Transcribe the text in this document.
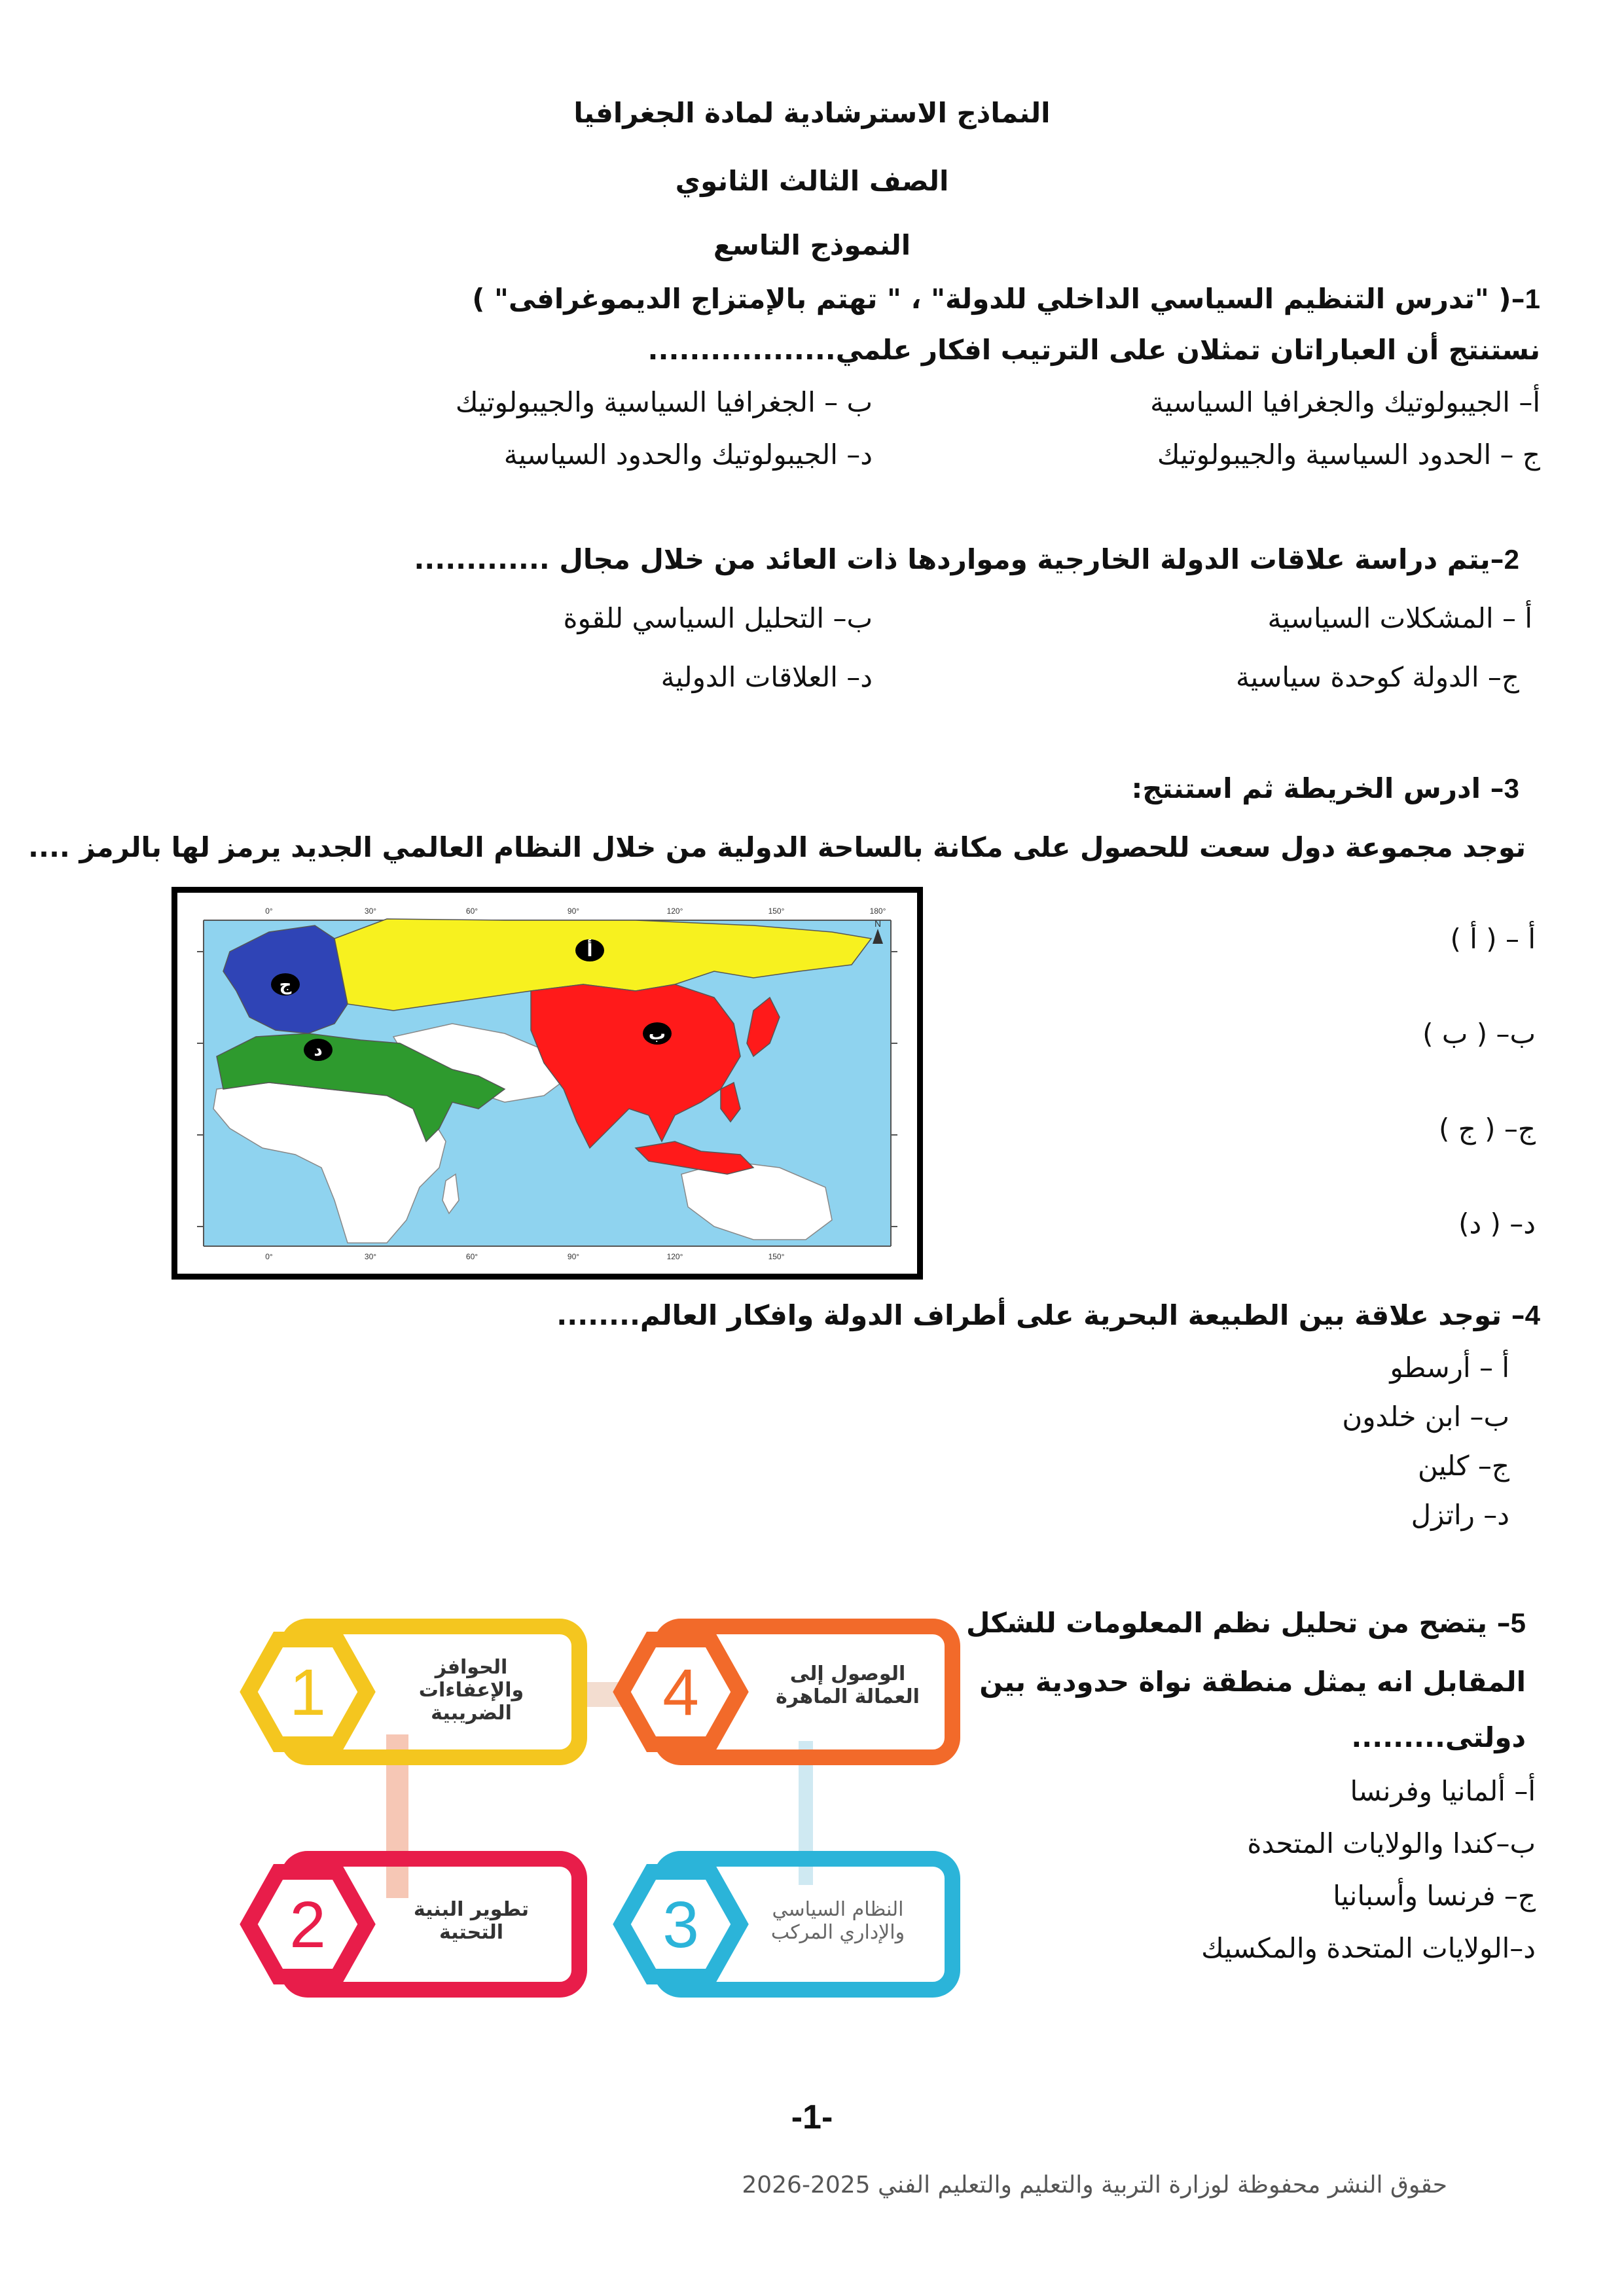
النماذج الاسترشادية لمادة الجغرافيا
الصف الثالث الثانوي
النموذج التاسع
1–( "تدرس التنظيم السياسي الداخلي للدولة" ، " تهتم بالإمتزاج الديموغرافى" )
نستنتج أن العباراتان تمثلان على الترتيب افكار علمي..................
أ– الجيبولوتيك والجغرافيا السياسية
ب – الجغرافيا السياسية والجيبولوتيك
ج – الحدود السياسية والجيبولوتيك
د– الجيبولوتيك والحدود السياسية
2–يتم دراسة علاقات الدولة الخارجية ومواردها ذات العائد من خلال مجال .............
أ – المشكلات السياسية
ب– التحليل السياسي للقوة
ج– الدولة كوحدة سياسية
د– العلاقات الدولية
3– ادرس الخريطة ثم استنتج:
توجد مجموعة دول سعت للحصول على مكانة بالساحة الدولية من خلال النظام العالمي الجديد يرمز لها بالرمز ....
0°	30°	60°	90°	120°	150°	180°
0°	30°	60°	90°	120°	150°
أ
ب
ج
د
N	أ – ( أ )
ب– ( ب )
ج– ( ج )
د– ( د)
4– توجد علاقة بين الطبيعة البحرية على أطراف الدولة وافكار العالم........
أ – أرسطو
ب– ابن خلدون
ج– كلين
د– راتزل
5– يتضح من تحليل نظم المعلومات للشكل
المقابل انه يمثل منطقة نواة حدودية بين
دولتى.........
أ– ألمانيا وفرنسا
ب–كندا والولايات المتحدة
ج– فرنسا وأسبانيا
د–الولايات المتحدة والمكسيك
1	4
2	3
الحوافز والإعفاءات الضريبية
الوصول إلى العمالة الماهرة
تطوير البنية التحتية
النظام السياسي والإداري المركب
-1-
حقوق النشر محفوظة لوزارة التربية والتعليم والتعليم الفني 2025-2026
